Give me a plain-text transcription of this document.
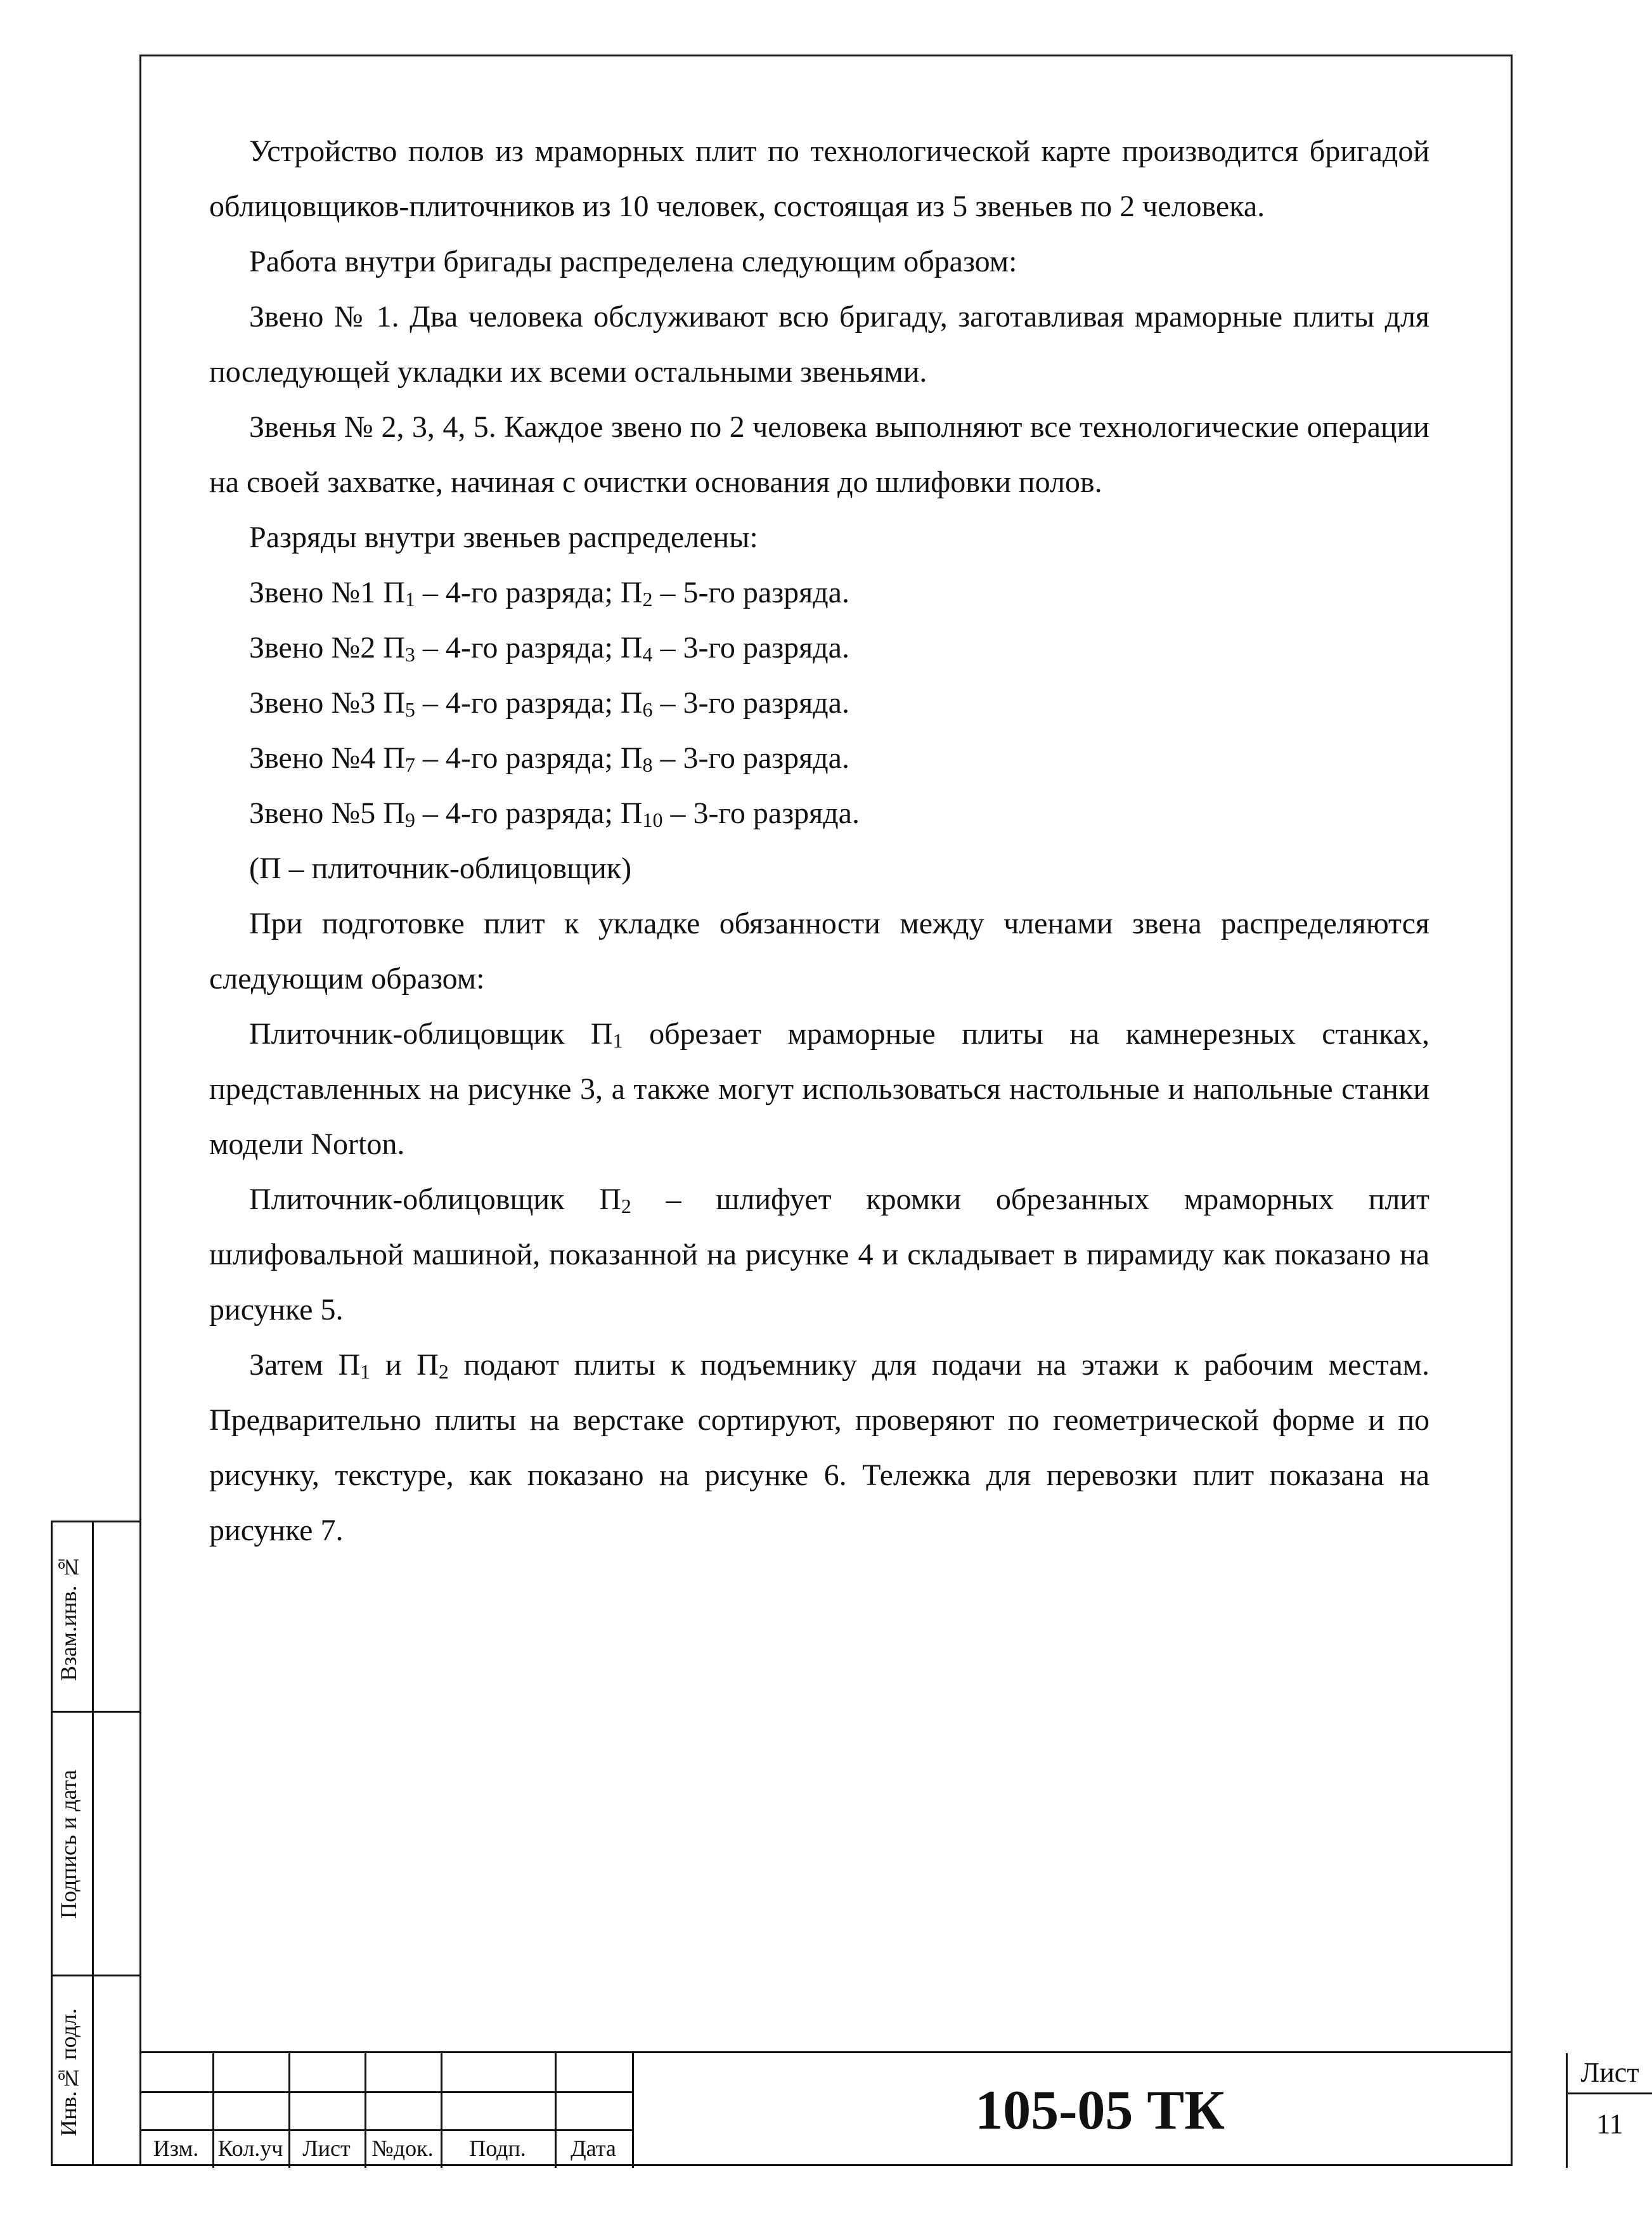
Устройство полов из мраморных плит по технологической карте производится бригадой облицовщиков-плиточников из 10 человек, состоящая из 5 звеньев по 2 человека.

Работа внутри бригады распределена следующим образом:

Звено № 1. Два человека обслуживают всю бригаду, заготавливая мраморные плиты для последующей укладки их всеми остальными звеньями.

Звенья № 2, 3, 4, 5. Каждое звено по 2 человека выполняют все технологические операции на своей захватке, начиная с очистки основания до шлифовки полов.

Разряды внутри звеньев распределены:

Звено №1 $П_1 - 4-го$ разряда; $П_2 - 5-го$ разряда.

Звено №2 $П_3 - 4-го$ разряда; $П_4 - 3-го$ разряда.

Звено №3 $П_5 - 4-го$ разряда; $П_6 - 3-го$ разряда.

Звено №4 $П_7 - 4-го$ разряда; $П_8 - 3-го$ разряда.

Звено №5 $П_9 - 4-го$ разряда; $П_{10} - 3-го$ разряда.

(П – плиточник-облицовщик)

При подготовке плит к укладке обязанности между членами звена распределяются следующим образом:

Плиточник-облицовщик $П_1$ обрезает мраморные плиты на камнерезных станках, представленных на рисунке 3, а также могут использоваться настольные и напольные станки модели Norton.

Плиточник-облицовщик $П_2$ – шлифует кромки обрезанных мраморных плит шлифовальной машиной, показанной на рисунке 4 и складывает в пирамиду как показано на рисунке 5.

Затем $П_1$ и $П_2$ подают плиты к подъемнику для подачи на этажи к рабочим местам. Предварительно плиты на верстаке сортируют, проверяют по геометрической форме и по рисунку, текстуре, как показано на рисунке 6. Тележка для перевозки плит показана на рисунке 7.

Взам.инв. №
Подпись и дата
Инв.№ подл.
Изм. Кол.уч Лист №док.	Подп.	Дата
105-05 ТК
Лист
11
